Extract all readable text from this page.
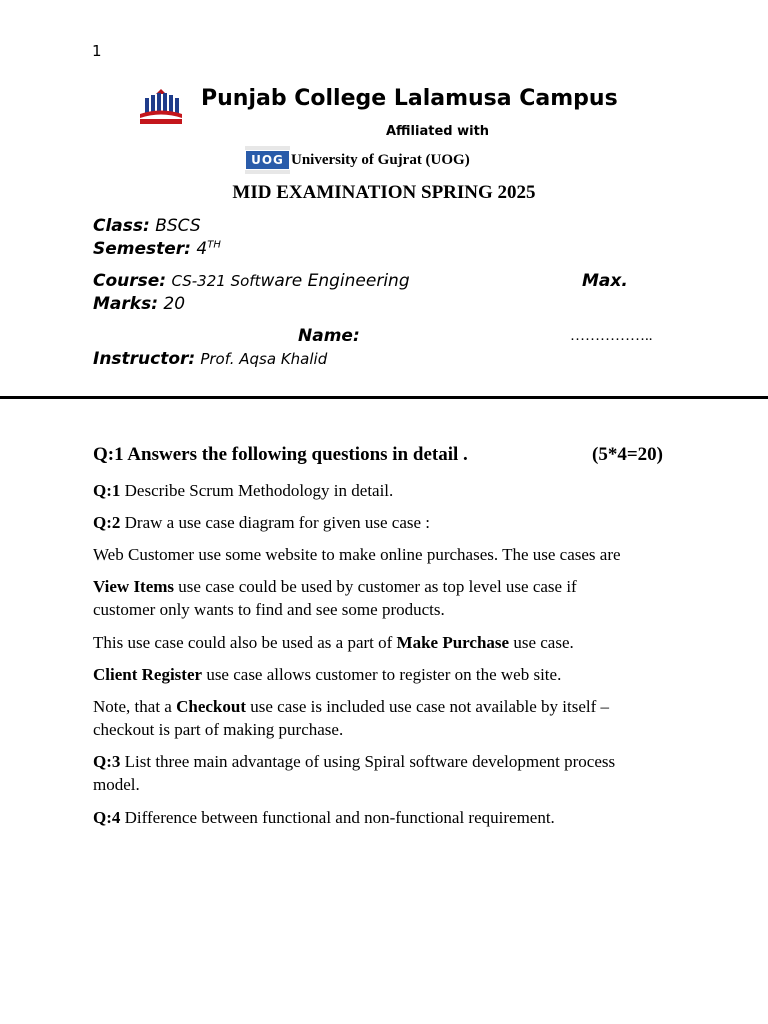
1
Punjab College Lalamusa Campus
Affiliated with
UOG University of Gujrat (UOG)
MID EXAMINATION SPRING 2025
Class: BSCS
Semester: 4TH
Course: CS-321 Software Engineering	Max.
Marks: 20
Name:	……………..
Instructor: Prof. Aqsa Khalid
Q:1 Answers the following questions in detail .	(5*4=20)
Q:1 Describe Scrum Methodology in detail.
Q:2 Draw a use case diagram for given use case :
Web Customer use some website to make online purchases. The use cases are
View Items use case could be used by customer as top level use case if customer only wants to find and see some products.
This use case could also be used as a part of Make Purchase use case.
Client Register use case allows customer to register on the web site.
Note, that a Checkout use case is included use case not available by itself – checkout is part of making purchase.
Q:3 List three main advantage of using Spiral software development process model.
Q:4 Difference between functional and non-functional requirement.
